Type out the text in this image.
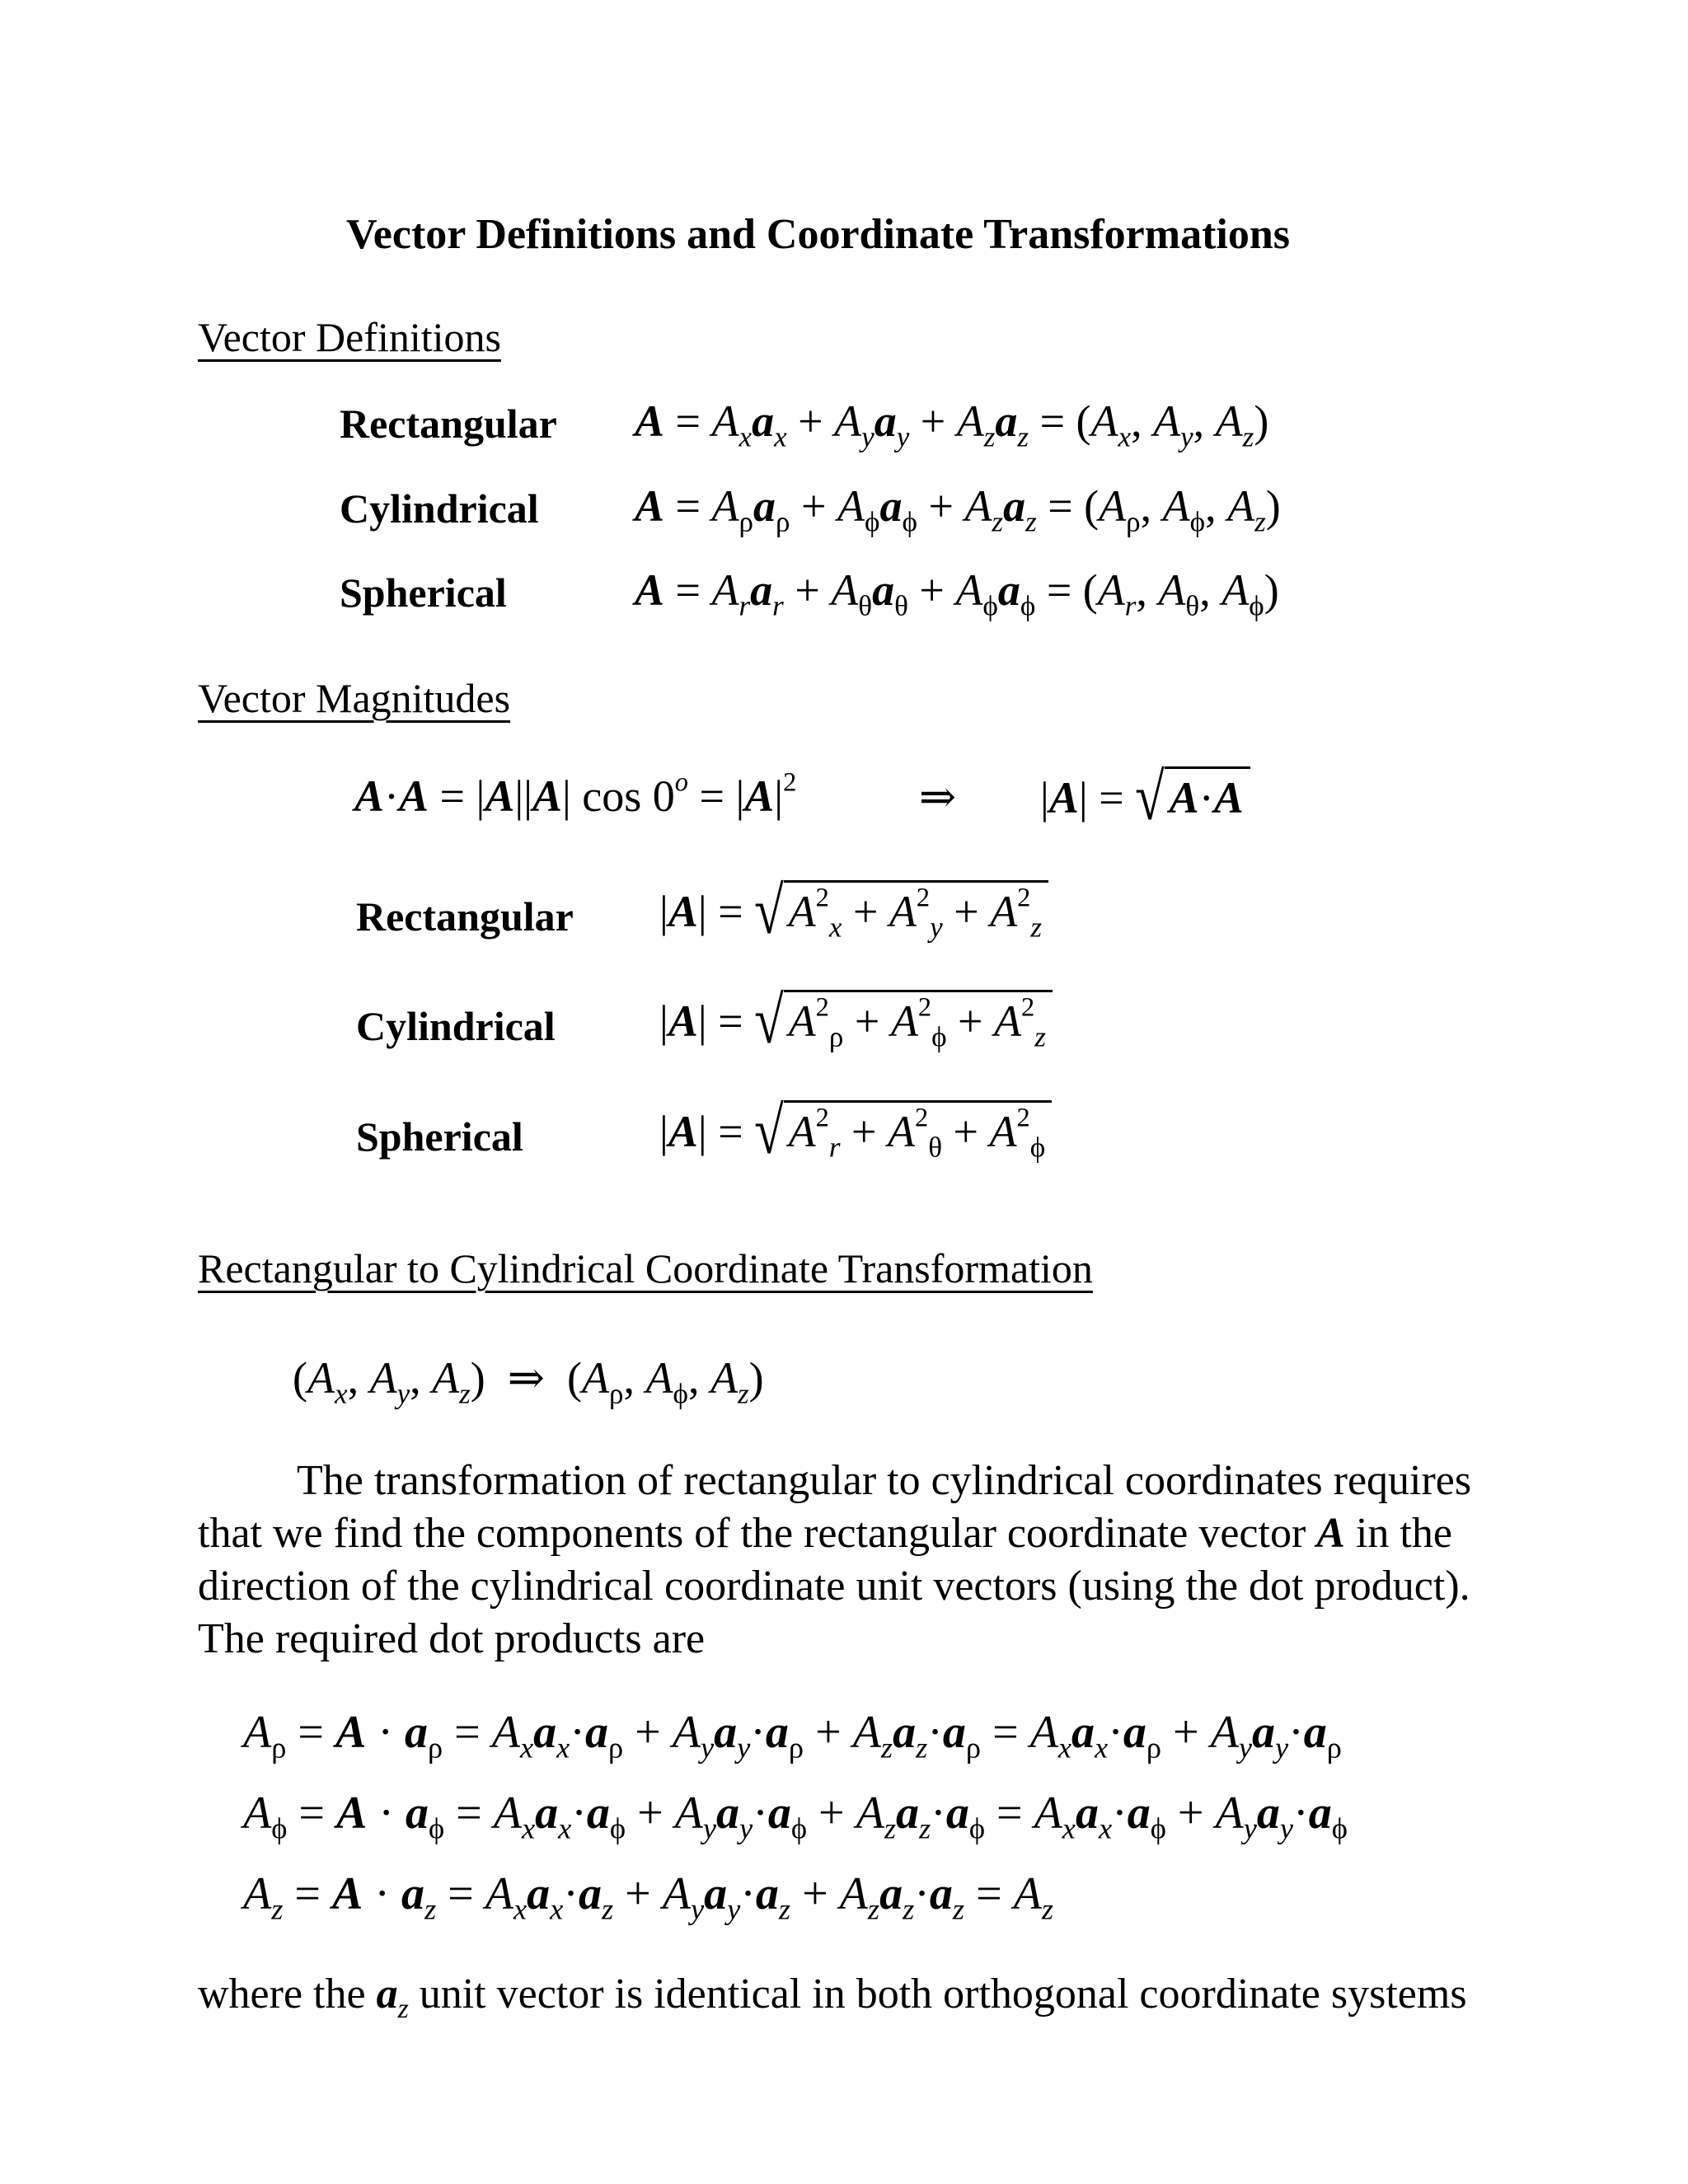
Vector Definitions and Coordinate Transformations
Vector Definitions
Rectangular $A = A_xa_x + A_ya_y + A_za_z = (A_x$, $A_y$, $A_z$)
Cylindrical $A = A_\rho a_\rho + A_\phi a_\phi + A_za_z = (A_\rho$, $A_\phi$, $A_z$)
Spherical	$A = A_ra_r + A_\theta a_\theta + A_\phi a_\phi = (A_r$, $A_\theta$, $A_\phi$)
Vector Magnitudes
A·A = |A||A| $\cos 0^o = |A|^2$	⇒ |A| = √ A·A
Rectangular |A| = √ $A^2_x + A^2_y + A^2_z$
Cylindrical |A| = √ $A^2_\rho + A^2_\phi + A^2_z$
Spherical	|A| = √ $A^2_r + A^2_\theta + A^2_\phi$
Rectangular to Cylindrical Coordinate Transformation
($A_x$, $A_y$, $A_z$)  ⇒  ($A_\rho$, $A_\phi$, $A_z$)

The transformation of rectangular to cylindrical coordinates requires

that we find the components of the rectangular coordinate vector A in the

direction of the cylindrical coordinate unit vectors (using the dot product).

The required dot products are

$A_\rho = A \cdot a_\rho = A_xa_x\cdot a_\rho + A_ya_y\cdot a_\rho + A_za_z\cdot a_\rho = A_xa_x\cdot a_\rho + A_ya_y\cdot a_\rho$
$A_\phi = A \cdot a_\phi = A_xa_x\cdot a_\phi + A_ya_y\cdot a_\phi + A_za_z\cdot a_\phi = A_xa_x\cdot a_\phi + A_ya_y\cdot a_\phi$
$A_z = A \cdot a_z = A_xa_x\cdot a_z + A_ya_y\cdot a_z + A_za_z\cdot a_z = A_z$
where the $a_z$ unit vector is identical in both orthogonal coordinate systems
